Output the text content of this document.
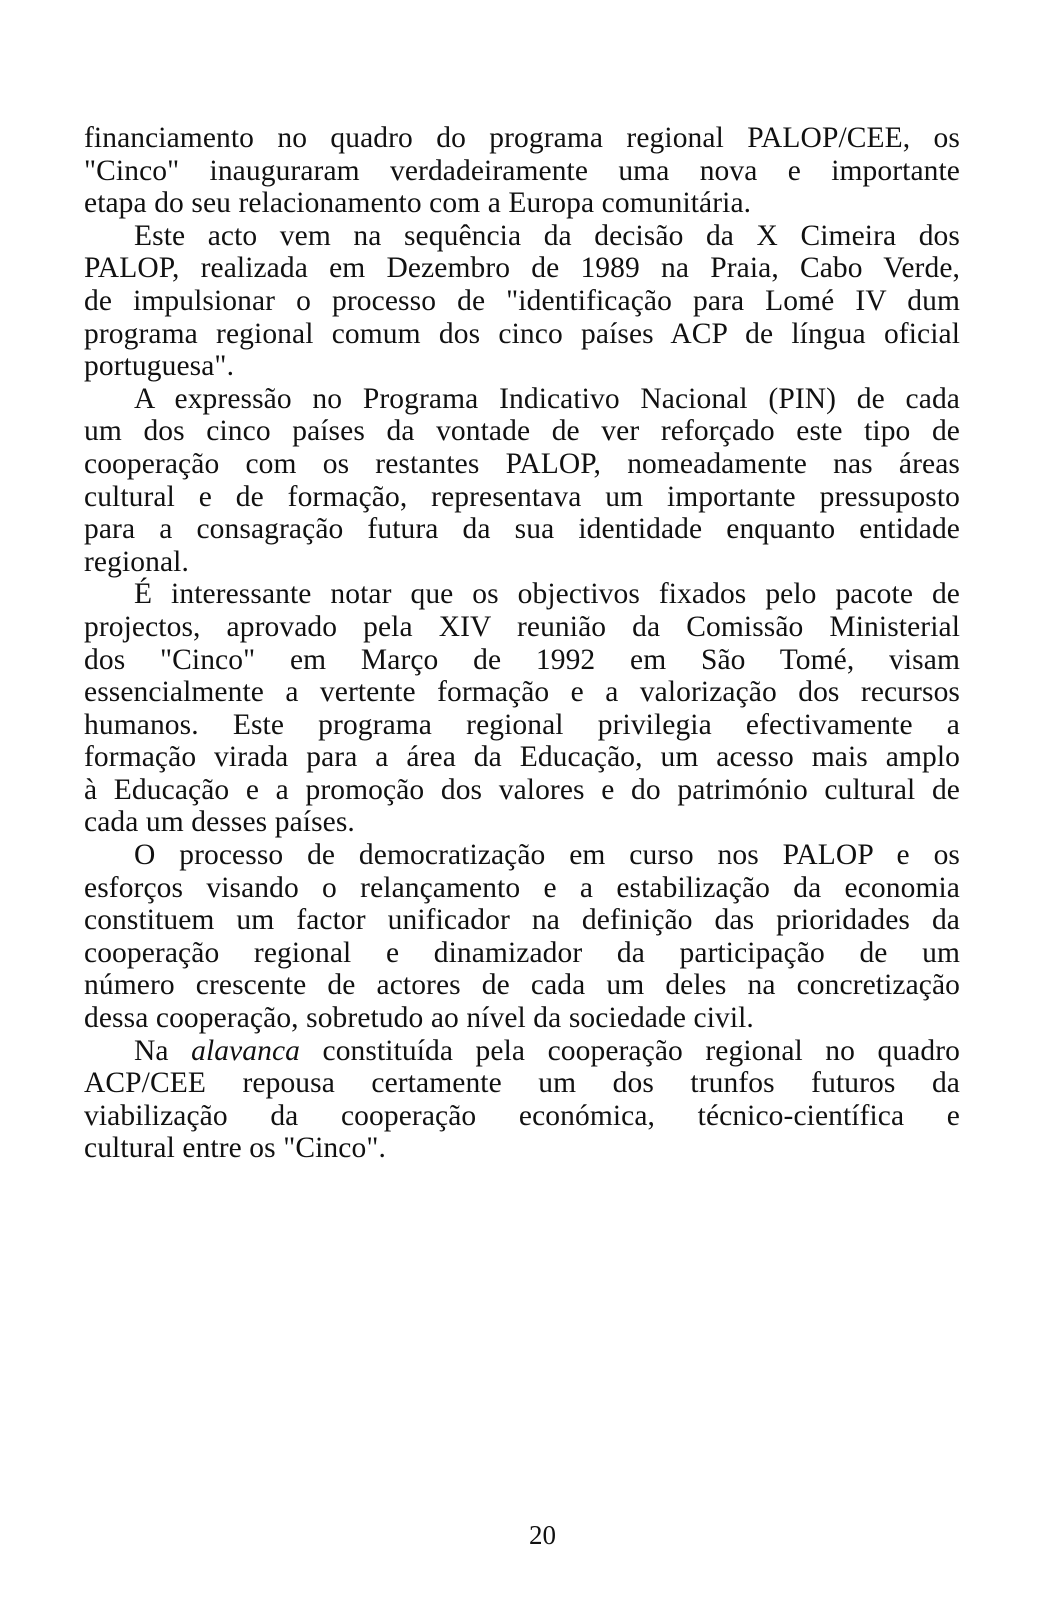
financiamento no quadro do programa regional PALOP/CEE, os
"Cinco" inauguraram verdadeiramente uma nova e importante
etapa do seu relacionamento com a Europa comunitária.
Este acto vem na sequência da decisão da X Cimeira dos
PALOP, realizada em Dezembro de 1989 na Praia, Cabo Verde,
de impulsionar o processo de "identificação para Lomé IV dum
programa regional comum dos cinco países ACP de língua oficial
portuguesa".
A expressão no Programa Indicativo Nacional (PIN) de cada
um dos cinco países da vontade de ver reforçado este tipo de
cooperação com os restantes PALOP, nomeadamente nas áreas
cultural e de formação, representava um importante pressuposto
para a consagração futura da sua identidade enquanto entidade
regional.
É interessante notar que os objectivos fixados pelo pacote de
projectos, aprovado pela XIV reunião da Comissão Ministerial
dos "Cinco" em Março de 1992 em São Tomé, visam
essencialmente a vertente formação e a valorização dos recursos
humanos. Este programa regional privilegia efectivamente a
formação virada para a área da Educação, um acesso mais amplo
à Educação e a promoção dos valores e do património cultural de
cada um desses países.
O processo de democratização em curso nos PALOP e os
esforços visando o relançamento e a estabilização da economia
constituem um factor unificador na definição das prioridades da
cooperação regional e dinamizador da participação de um
número crescente de actores de cada um deles na concretização
dessa cooperação, sobretudo ao nível da sociedade civil.
Na alavanca constituída pela cooperação regional no quadro
ACP/CEE repousa certamente um dos trunfos futuros da
viabilização da cooperação económica, técnico-científica e
cultural entre os "Cinco".
20
